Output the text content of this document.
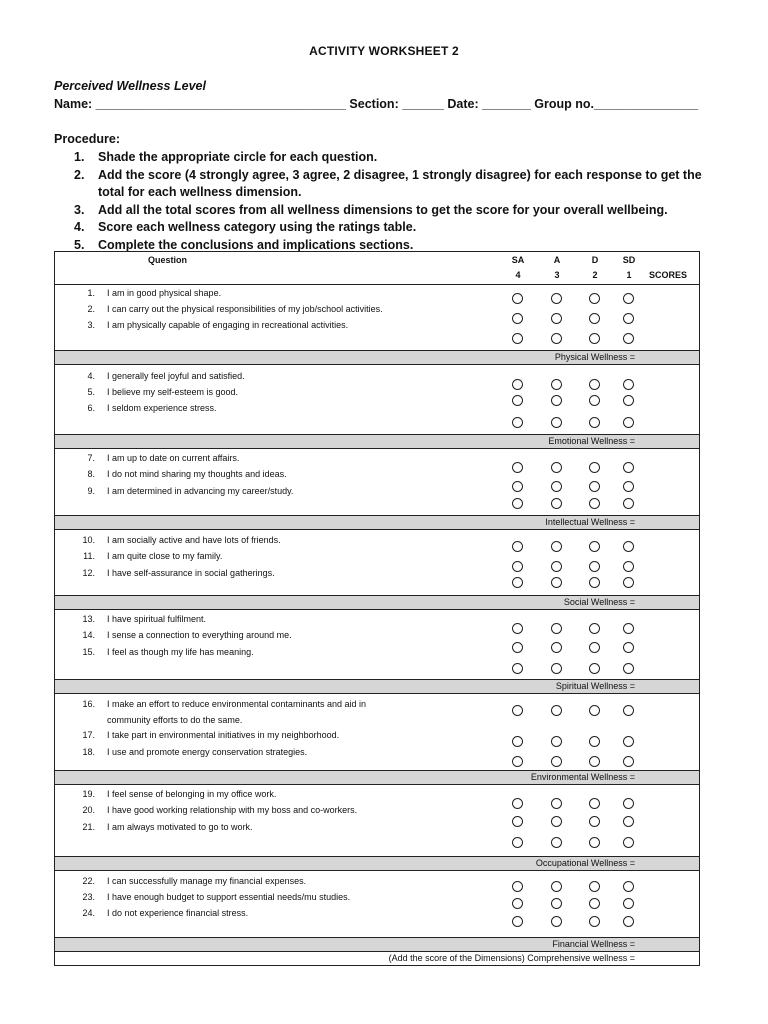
ACTIVITY WORKSHEET 2
Perceived Wellness Level
Name: ____________________________________ Section: ______ Date: _______ Group no._______________
Procedure:
1. Shade the appropriate circle for each question.
2. Add the score (4 strongly agree, 3 agree, 2 disagree, 1 strongly disagree) for each response to get the total for each wellness dimension.
3. Add all the total scores from all wellness dimensions to get the score for your overall wellbeing.
4. Score each wellness category using the ratings table.
5. Complete the conclusions and implications sections.
Question	SA
4
A
3
D
2
SD
1	SCORES
1. I am in good physical shape.
2. I can carry out the physical responsibilities of my job/school activities.
3. I am physically capable of engaging in recreational activities.
Physical Wellness =
4. I generally feel joyful and satisfied.
5. I believe my self-esteem is good.
6. I seldom experience stress.
Emotional Wellness =
7. I am up to date on current affairs.
8. I do not mind sharing my thoughts and ideas.
9. I am determined in advancing my career/study.
Intellectual Wellness =
10. I am socially active and have lots of friends.
11. I am quite close to my family.
12. I have self-assurance in social gatherings.
Social Wellness =
13. I have spiritual fulfilment.
14. I sense a connection to everything around me.
15. I feel as though my life has meaning.
Spiritual Wellness =
16. I make an effort to reduce environmental contaminants and aid in
community efforts to do the same.
17. I take part in environmental initiatives in my neighborhood.
18. I use and promote energy conservation strategies.
Environmental Wellness =
19. I feel sense of belonging in my office work.
20. I have good working relationship with my boss and co-workers.
21. I am always motivated to go to work.
Occupational Wellness =
22. I can successfully manage my financial expenses.
23. I have enough budget to support essential needs/mu studies.
24. I do not experience financial stress.
Financial Wellness =
(Add the score of the Dimensions) Comprehensive wellness =
